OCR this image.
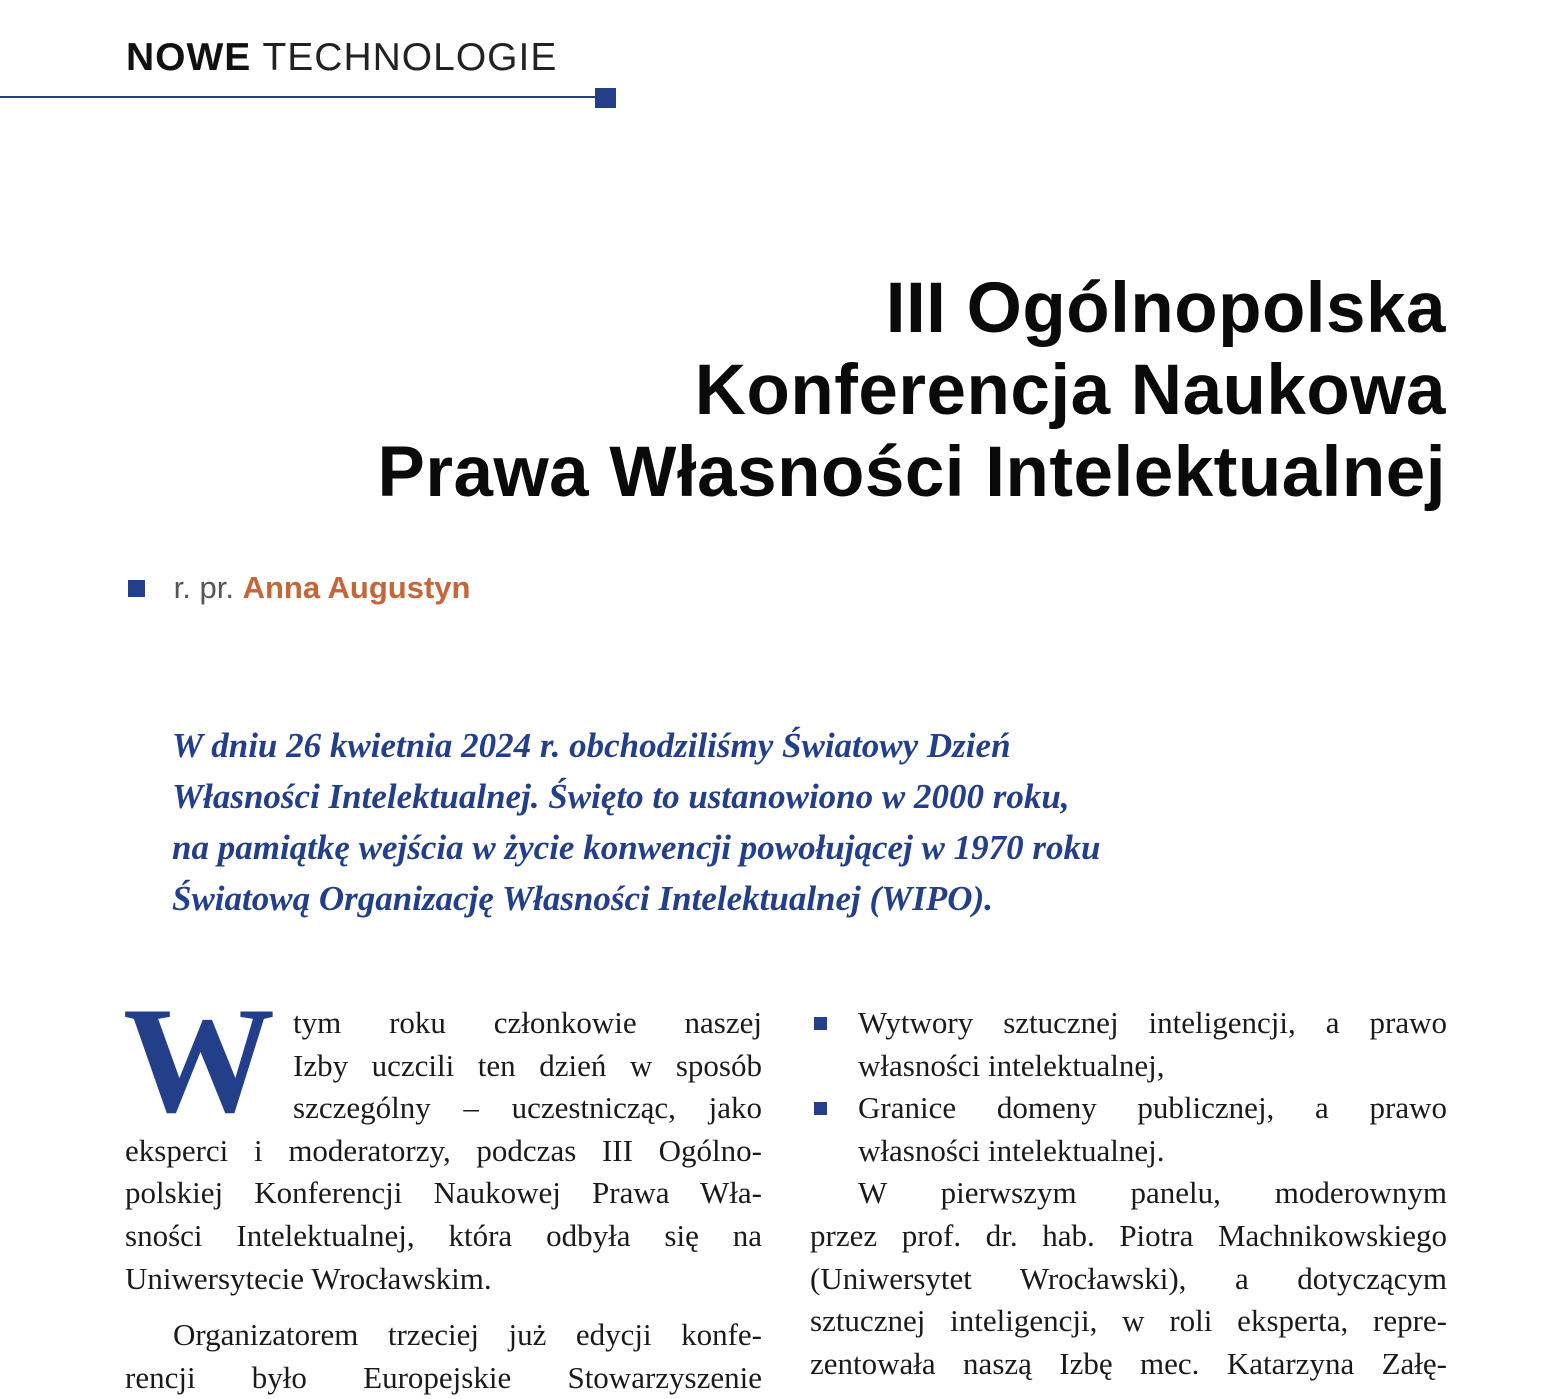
NOWE TECHNOLOGIE
III Ogólnopolska
Konferencja Naukowa
Prawa Własności Intelektualnej
r. pr. Anna Augustyn

W dniu 26 kwietnia 2024 r. obchodziliśmy Światowy Dzień
Własności Intelektualnej. Święto to ustanowiono w 2000 roku,
na pamiątkę wejścia w życie konwencji powołującej w 1970 roku
Światową Organizację Własności Intelektualnej (WIPO).

W tym roku członkowie naszej
Izby uczcili ten dzień w sposób
szczególny – uczestnicząc, jako
eksperci i moderatorzy, podczas III Ogólno-
polskiej Konferencji Naukowej Prawa Wła-
sności Intelektualnej, która odbyła się na
Uniwersytecie Wrocławskim.
Organizatorem trzeciej już edycji konfe-
rencji było Europejskie Stowarzyszenie
Wytwory sztucznej inteligencji, a prawo
własności intelektualnej,
Granice domeny publicznej, a prawo
własności intelektualnej.
W pierwszym panelu, moderownym
przez prof. dr. hab. Piotra Machnikowskiego
(Uniwersytet Wrocławski), a dotyczącym
sztucznej inteligencji, w roli eksperta, repre-
zentowała naszą Izbę mec. Katarzyna Załę-
